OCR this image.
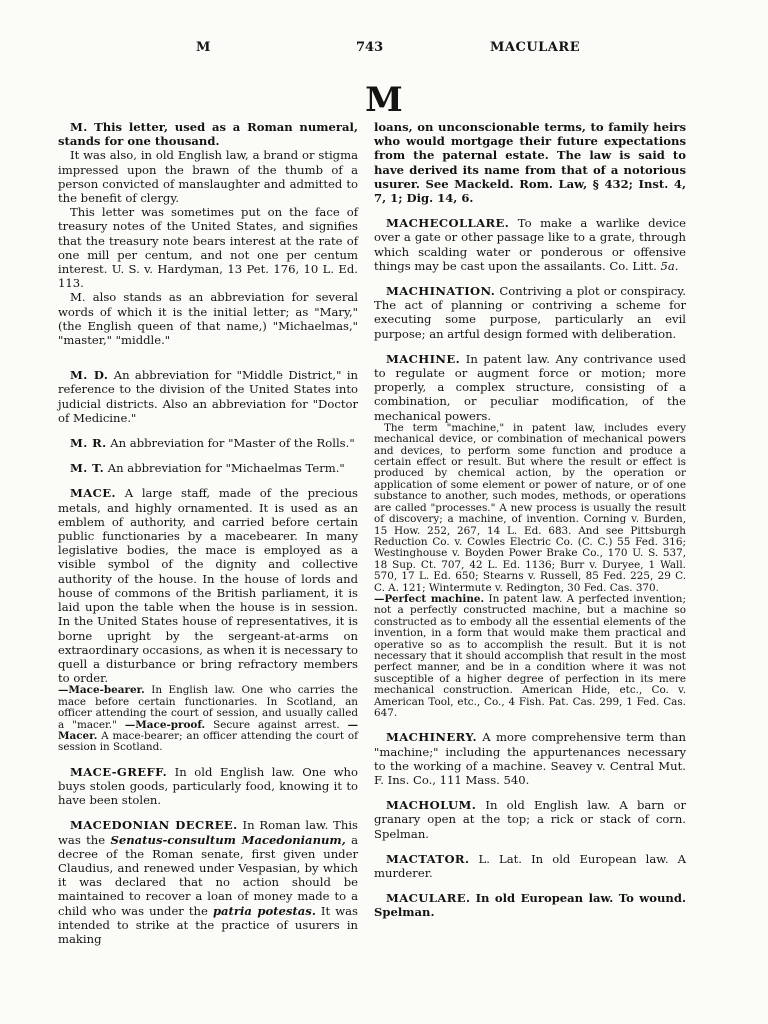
M	743	MACULARE
M

M. This letter, used as a Roman numeral, stands for one thousand.

It was also, in old English law, a brand or stigma impressed upon the brawn of the thumb of a person convicted of manslaughter and admitted to the benefit of clergy.

This letter was sometimes put on the face of treasury notes of the United States, and signifies that the treasury note bears interest at the rate of one mill per centum, and not one per centum interest. U. S. v. Hardyman, 13 Pet. 176, 10 L. Ed. 113.

M. also stands as an abbreviation for several words of which it is the initial letter; as "Mary," (the English queen of that name,) "Michaelmas," "master," "middle."

M. D. An abbreviation for "Middle District," in reference to the division of the United States into judicial districts. Also an abbreviation for "Doctor of Medicine."

M. R. An abbreviation for "Master of the Rolls."

M. T. An abbreviation for "Michaelmas Term."

MACE. A large staff, made of the precious metals, and highly ornamented. It is used as an emblem of authority, and carried before certain public functionaries by a macebearer. In many legislative bodies, the mace is employed as a visible symbol of the dignity and collective authority of the house. In the house of lords and house of commons of the British parliament, it is laid upon the table when the house is in session. In the United States house of representatives, it is borne upright by the sergeant-at-arms on extraordinary occasions, as when it is necessary to quell a disturbance or bring refractory members to order.

—Mace-bearer. In English law. One who carries the mace before certain functionaries. In Scotland, an officer attending the court of session, and usually called a "macer." —Mace-proof. Secure against arrest. —Macer. A mace-bearer; an officer attending the court of session in Scotland.

MACE-GREFF. In old English law. One who buys stolen goods, particularly food, knowing it to have been stolen.

MACEDONIAN DECREE. In Roman law. This was the Senatus-consultum Macedonianum, a decree of the Roman senate, first given under Claudius, and renewed under Vespasian, by which it was declared that no action should be maintained to recover a loan of money made to a child who was under the patria potestas. It was intended to strike at the practice of usurers in making

loans, on unconscionable terms, to family heirs who would mortgage their future expectations from the paternal estate. The law is said to have derived its name from that of a notorious usurer. See Mackeld. Rom. Law, § 432; Inst. 4, 7, 1; Dig. 14, 6.

MACHECOLLARE. To make a warlike device over a gate or other passage like to a grate, through which scalding water or ponderous or offensive things may be cast upon the assailants. Co. Litt. 5a.

MACHINATION. Contriving a plot or conspiracy. The act of planning or contriving a scheme for executing some purpose, particularly an evil purpose; an artful design formed with deliberation.

MACHINE. In patent law. Any contrivance used to regulate or augment force or motion; more properly, a complex structure, consisting of a combination, or peculiar modification, of the mechanical powers.

The term "machine," in patent law, includes every mechanical device, or combination of mechanical powers and devices, to perform some function and produce a certain effect or result. But where the result or effect is produced by chemical action, by the operation or application of some element or power of nature, or of one substance to another, such modes, methods, or operations are called "processes." A new process is usually the result of discovery; a machine, of invention. Corning v. Burden, 15 How. 252, 267, 14 L. Ed. 683. And see Pittsburgh Reduction Co. v. Cowles Electric Co. (C. C.) 55 Fed. 316; Westinghouse v. Boyden Power Brake Co., 170 U. S. 537, 18 Sup. Ct. 707, 42 L. Ed. 1136; Burr v. Duryee, 1 Wall. 570, 17 L. Ed. 650; Stearns v. Russell, 85 Fed. 225, 29 C. C. A. 121; Wintermute v. Redington, 30 Fed. Cas. 370.

—Perfect machine. In patent law. A perfected invention; not a perfectly constructed machine, but a machine so constructed as to embody all the essential elements of the invention, in a form that would make them practical and operative so as to accomplish the result. But it is not necessary that it should accomplish that result in the most perfect manner, and be in a condition where it was not susceptible of a higher degree of perfection in its mere mechanical construction. American Hide, etc., Co. v. American Tool, etc., Co., 4 Fish. Pat. Cas. 299, 1 Fed. Cas. 647.

MACHINERY. A more comprehensive term than "machine;" including the appurtenances necessary to the working of a machine. Seavey v. Central Mut. F. Ins. Co., 111 Mass. 540.

MACHOLUM. In old English law. A barn or granary open at the top; a rick or stack of corn. Spelman.

MACTATOR. L. Lat. In old European law. A murderer.

MACULARE. In old European law. To wound. Spelman.
